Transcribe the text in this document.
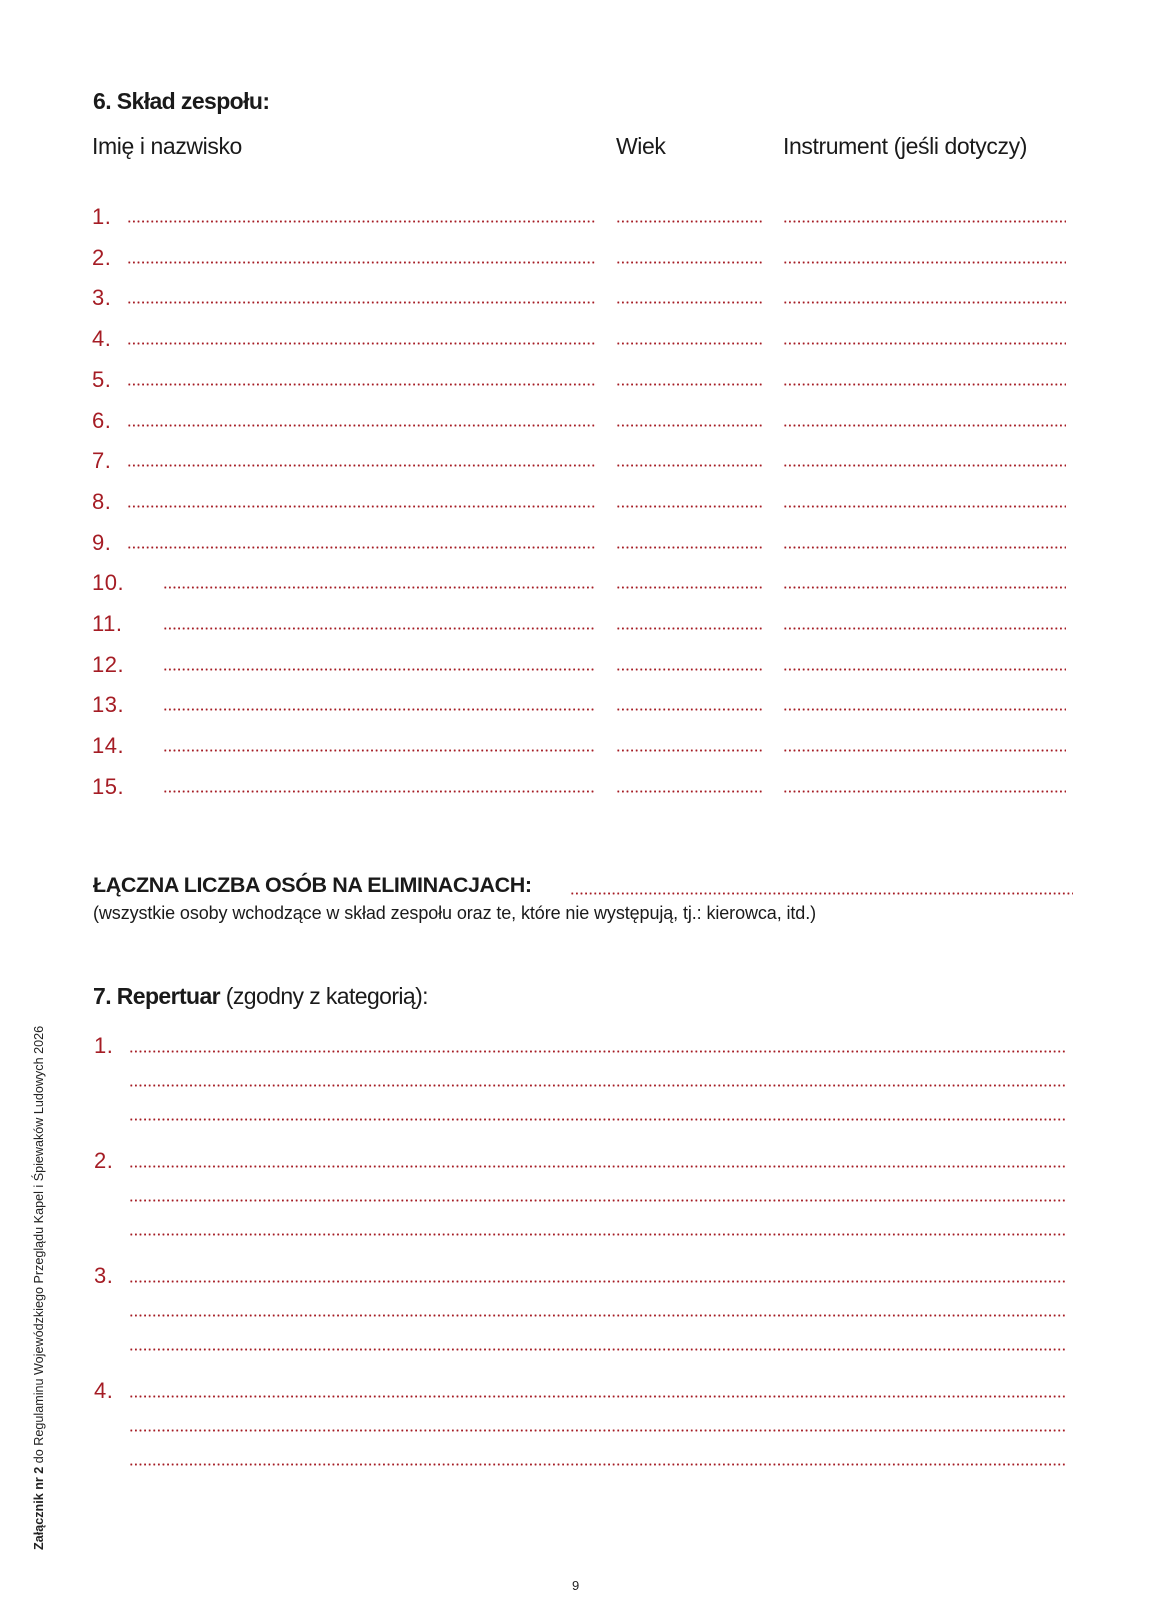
6. Skład zespołu:
Imię i nazwisko	Wiek	Instrument (jeśli dotyczy)
1.
2.
3.
4.
5.
6.
7.
8.
9.
10.
11.
12.
13.
14.
15.
ŁĄCZNA LICZBA OSÓB NA ELIMINACJACH:
(wszystkie osoby wchodzące w skład zespołu oraz te, które nie występują, tj.: kierowca, itd.)
7. Repertuar (zgodny z kategorią):
1.
2.
3.
4.
Załącznik nr 2 do Regulaminu Wojewódzkiego Przeglądu Kapel i Śpiewaków Ludowych 2026
9
